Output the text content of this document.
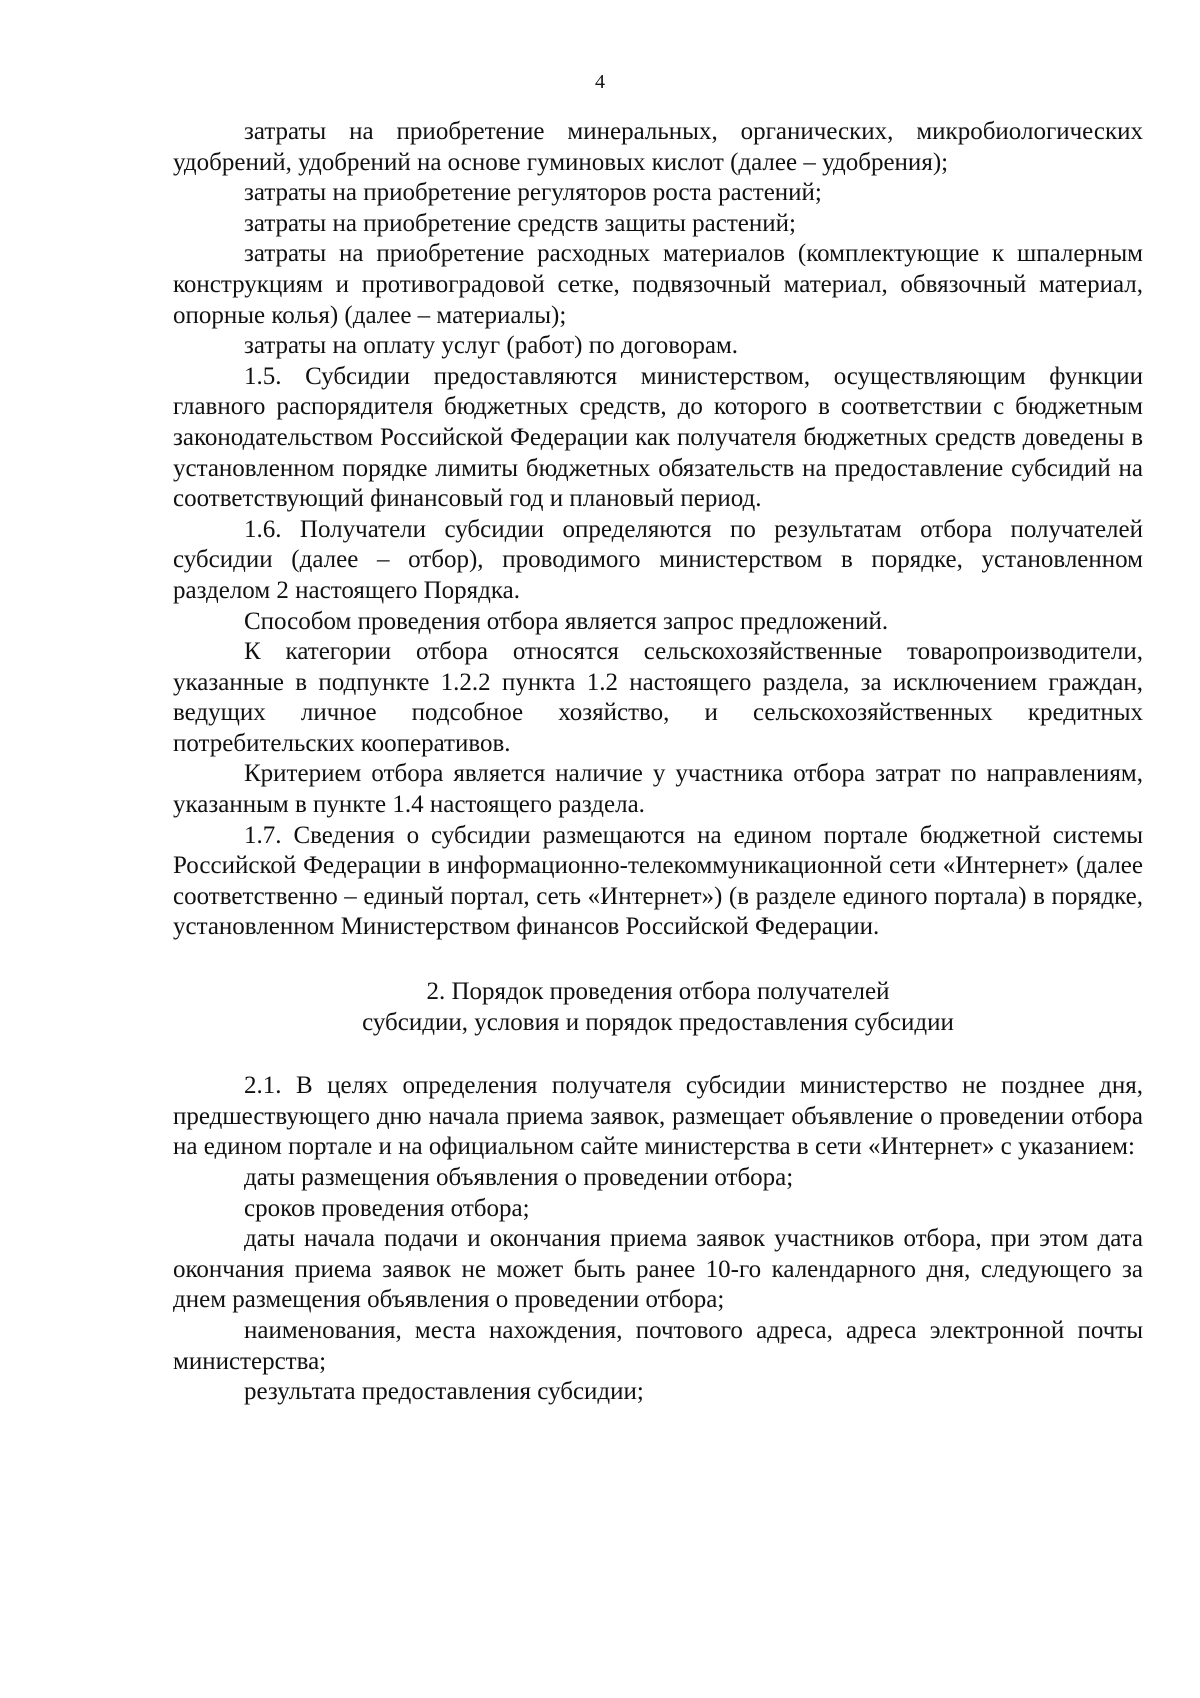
4

затраты на приобретение минеральных, органических, микробиологических удобрений, удобрений на основе гуминовых кислот (далее – удобрения);

затраты на приобретение регуляторов роста растений;

затраты на приобретение средств защиты растений;

затраты на приобретение расходных материалов (комплектующие к шпалерным конструкциям и противоградовой сетке, подвязочный материал, обвязочный материал, опорные колья) (далее – материалы);

затраты на оплату услуг (работ) по договорам.

1.5. Субсидии предоставляются министерством, осуществляющим функции главного распорядителя бюджетных средств, до которого в соответствии с бюджетным законодательством Российской Федерации как получателя бюджетных средств доведены в установленном порядке лимиты бюджетных обязательств на предоставление субсидий на соответствующий финансовый год и плановый период.

1.6. Получатели субсидии определяются по результатам отбора получателей субсидии (далее – отбор), проводимого министерством в порядке, установленном разделом 2 настоящего Порядка.

Способом проведения отбора является запрос предложений.

К категории отбора относятся сельскохозяйственные товаропроизводители, указанные в подпункте 1.2.2 пункта 1.2 настоящего раздела, за исключением граждан, ведущих личное подсобное хозяйство, и сельскохозяйственных кредитных потребительских кооперативов.

Критерием отбора является наличие у участника отбора затрат по направлениям, указанным в пункте 1.4 настоящего раздела.

1.7. Сведения о субсидии размещаются на едином портале бюджетной системы Российской Федерации в информационно-телекоммуникационной сети «Интернет» (далее соответственно – единый портал, сеть «Интернет») (в разделе единого портала) в порядке, установленном Министерством финансов Российской Федерации.

2. Порядок проведения отбора получателей
субсидии, условия и порядок предоставления субсидии

2.1. В целях определения получателя субсидии министерство не позднее дня, предшествующего дню начала приема заявок, размещает объявление о проведении отбора на едином портале и на официальном сайте министерства в сети «Интернет» с указанием:

даты размещения объявления о проведении отбора;

сроков проведения отбора;

даты начала подачи и окончания приема заявок участников отбора, при этом дата окончания приема заявок не может быть ранее 10-го календарного дня, следующего за днем размещения объявления о проведении отбора;

наименования, места нахождения, почтового адреса, адреса электронной почты министерства;

результата предоставления субсидии;
